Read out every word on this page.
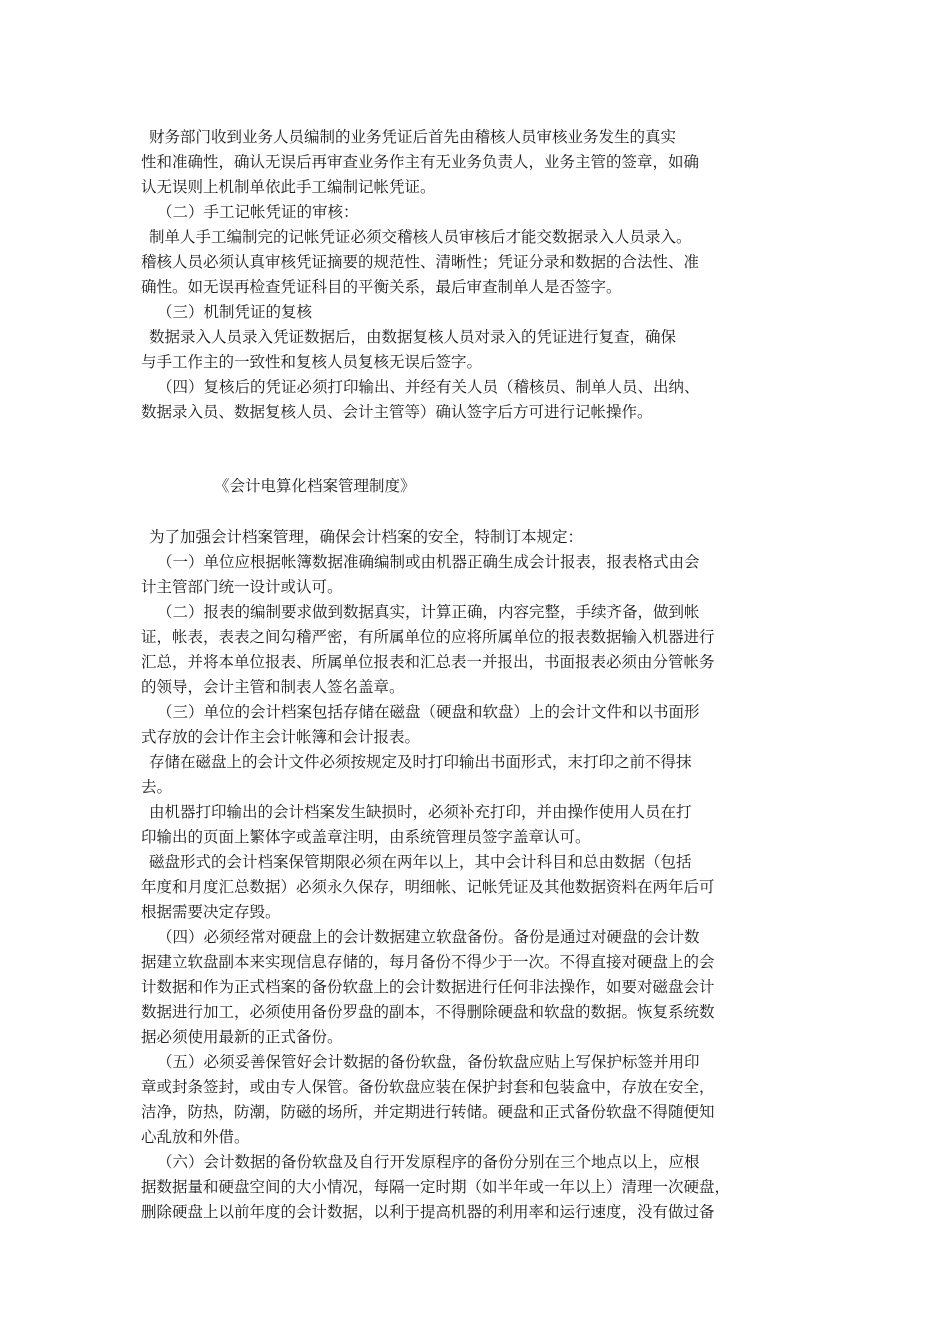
财务部门收到业务人员编制的业务凭证后首先由稽核人员审核业务发生的真实
性和准确性，确认无误后再审查业务作主有无业务负责人，业务主管的签章，如确
认无误则上机制单依此手工编制记帐凭证。
（二）手工记帐凭证的审核：
制单人手工编制完的记帐凭证必须交稽核人员审核后才能交数据录入人员录入。
稽核人员必须认真审核凭证摘要的规范性、清晰性；凭证分录和数据的合法性、准
确性。如无误再检查凭证科目的平衡关系，最后审查制单人是否签字。
（三）机制凭证的复核
数据录入人员录入凭证数据后，由数据复核人员对录入的凭证进行复查，确保
与手工作主的一致性和复核人员复核无误后签字。
（四）复核后的凭证必须打印输出、并经有关人员（稽核员、制单人员、出纳、
数据录入员、数据复核人员、会计主管等）确认签字后方可进行记帐操作。
《会计电算化档案管理制度》
为了加强会计档案管理，确保会计档案的安全，特制订本规定：
（一）单位应根据帐簿数据准确编制或由机器正确生成会计报表，报表格式由会
计主管部门统一设计或认可。
（二）报表的编制要求做到数据真实，计算正确，内容完整，手续齐备，做到帐
证，帐表，表表之间勾稽严密，有所属单位的应将所属单位的报表数据输入机器进行
汇总，并将本单位报表、所属单位报表和汇总表一并报出，书面报表必须由分管帐务
的领导，会计主管和制表人签名盖章。
（三）单位的会计档案包括存储在磁盘（硬盘和软盘）上的会计文件和以书面形
式存放的会计作主会计帐簿和会计报表。
存储在磁盘上的会计文件必须按规定及时打印输出书面形式，末打印之前不得抹
去。
由机器打印输出的会计档案发生缺损时，必须补充打印，并由操作使用人员在打
印输出的页面上繁体字或盖章注明，由系统管理员签字盖章认可。
磁盘形式的会计档案保管期限必须在两年以上，其中会计科目和总由数据（包括
年度和月度汇总数据）必须永久保存，明细帐、记帐凭证及其他数据资料在两年后可
根据需要决定存毁。
（四）必须经常对硬盘上的会计数据建立软盘备份。备份是通过对硬盘的会计数
据建立软盘副本来实现信息存储的，每月备份不得少于一次。不得直接对硬盘上的会
计数据和作为正式档案的备份软盘上的会计数据进行任何非法操作，如要对磁盘会计
数据进行加工，必须使用备份罗盘的副本，不得删除硬盘和软盘的数据。恢复系统数
据必须使用最新的正式备份。
（五）必须妥善保管好会计数据的备份软盘，备份软盘应贴上写保护标签并用印
章或封条签封，或由专人保管。备份软盘应装在保护封套和包装盒中，存放在安全，
洁净，防热，防潮，防磁的场所，并定期进行转储。硬盘和正式备份软盘不得随便知
心乱放和外借。
（六）会计数据的备份软盘及自行开发原程序的备份分别在三个地点以上，应根
据数据量和硬盘空间的大小情况，每隔一定时期（如半年或一年以上）清理一次硬盘，
删除硬盘上以前年度的会计数据，以利于提高机器的利用率和运行速度，没有做过备
